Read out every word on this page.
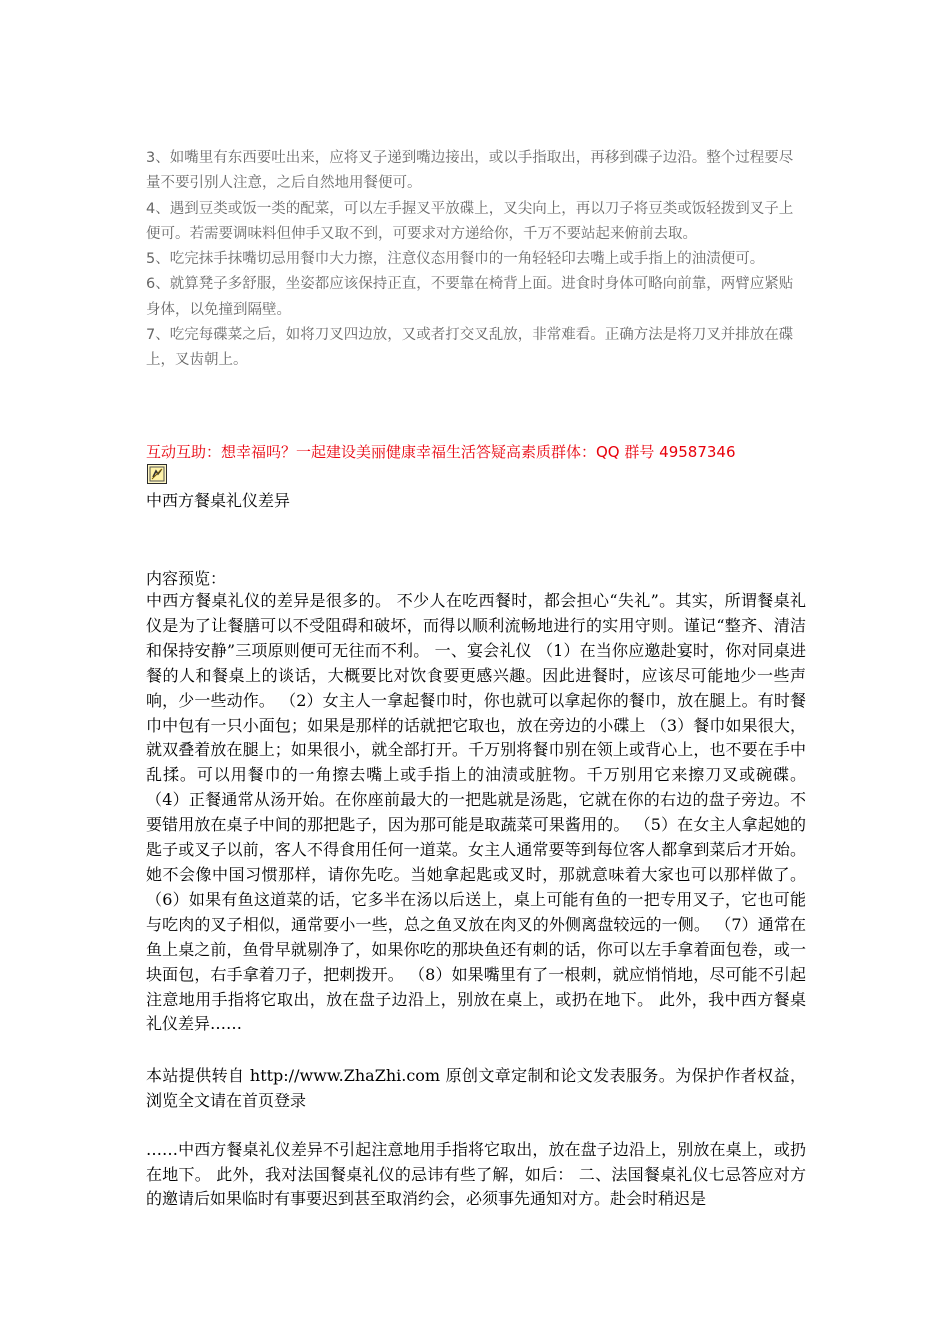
3、如嘴里有东西要吐出来，应将叉子递到嘴边接出，或以手指取出，再移到碟子边沿。整个过程要尽量不要引别人注意，之后自然地用餐便可。

4、遇到豆类或饭一类的配菜，可以左手握叉平放碟上，叉尖向上，再以刀子将豆类或饭轻拨到叉子上便可。若需要调味料但伸手又取不到，可要求对方递给你，千万不要站起来俯前去取。

5、吃完抹手抹嘴切忌用餐巾大力擦，注意仪态用餐巾的一角轻轻印去嘴上或手指上的油渍便可。

6、就算凳子多舒服，坐姿都应该保持正直，不要靠在椅背上面。进食时身体可略向前靠，两臂应紧贴身体，以免撞到隔壁。

7、吃完每碟菜之后，如将刀叉四边放，又或者打交叉乱放，非常难看。正确方法是将刀叉并排放在碟上，叉齿朝上。

互动互助：想幸福吗？一起建设美丽健康幸福生活答疑高素质群体：QQ 群号 49587346
中西方餐桌礼仪差异
内容预览：
中西方餐桌礼仪的差异是很多的。 不少人在吃西餐时，都会担心“失礼”。其实，所谓餐桌礼仪是为了让餐膳可以不受阻碍和破坏，而得以顺利流畅地进行的实用守则。谨记“整齐、清洁和保持安静”三项原则便可无往而不利。 一、宴会礼仪 （1）在当你应邀赴宴时，你对同桌进餐的人和餐桌上的谈话，大概要比对饮食要更感兴趣。因此进餐时，应该尽可能地少一些声响，少一些动作。 （2）女主人一拿起餐巾时，你也就可以拿起你的餐巾，放在腿上。有时餐巾中包有一只小面包；如果是那样的话就把它取也，放在旁边的小碟上 （3）餐巾如果很大，就双叠着放在腿上；如果很小，就全部打开。千万别将餐巾别在领上或背心上，也不要在手中乱揉。可以用餐巾的一角擦去嘴上或手指上的油渍或脏物。千万别用它来擦刀叉或碗碟。 （4）正餐通常从汤开始。在你座前最大的一把匙就是汤匙，它就在你的右边的盘子旁边。不要错用放在桌子中间的那把匙子，因为那可能是取蔬菜可果酱用的。 （5）在女主人拿起她的匙子或叉子以前，客人不得食用任何一道菜。女主人通常要等到每位客人都拿到菜后才开始。她不会像中国习惯那样，请你先吃。当她拿起匙或叉时，那就意味着大家也可以那样做了。 （6）如果有鱼这道菜的话，它多半在汤以后送上，桌上可能有鱼的一把专用叉子，它也可能与吃肉的叉子相似，通常要小一些，总之鱼叉放在肉叉的外侧离盘较远的一侧。 （7）通常在鱼上桌之前，鱼骨早就剔净了，如果你吃的那块鱼还有刺的话，你可以左手拿着面包卷，或一块面包，右手拿着刀子，把刺拨开。 （8）如果嘴里有了一根刺，就应悄悄地，尽可能不引起注意地用手指将它取出，放在盘子边沿上，别放在桌上，或扔在地下。 此外，我中西方餐桌礼仪差异……
本站提供转自 http://www.ZhaZhi.com 原创文章定制和论文发表服务。为保护作者权益，浏览全文请在首页登录
……中西方餐桌礼仪差异不引起注意地用手指将它取出，放在盘子边沿上，别放在桌上，或扔在地下。 此外，我对法国餐桌礼仪的忌讳有些了解，如后： 二、法国餐桌礼仪七忌答应对方的邀请后如果临时有事要迟到甚至取消约会，必须事先通知对方。赴会时稍迟是
